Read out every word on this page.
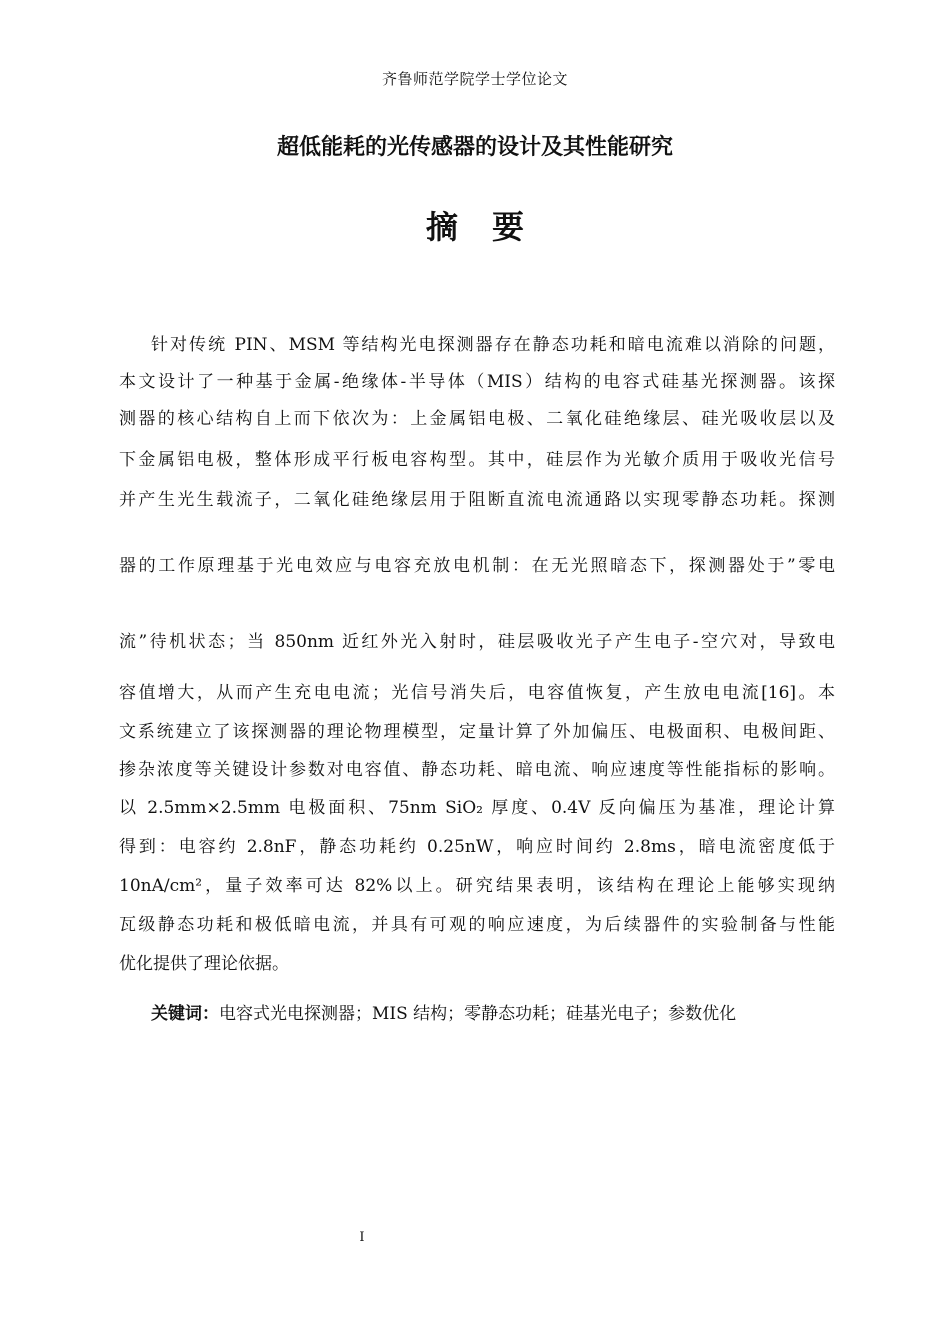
齐鲁师范学院学士学位论文
超低能耗的光传感器的设计及其性能研究
摘要
针对传统 PIN、MSM 等结构光电探测器存在静态功耗和暗电流难以消除的问题，
本文设计了一种基于金属-绝缘体-半导体（MIS）结构的电容式硅基光探测器。该探
测器的核心结构自上而下依次为：上金属铝电极、二氧化硅绝缘层、硅光吸收层以及
下金属铝电极，整体形成平行板电容构型。其中，硅层作为光敏介质用于吸收光信号
并产生光生载流子，二氧化硅绝缘层用于阻断直流电流通路以实现零静态功耗。探测
器的工作原理基于光电效应与电容充放电机制：在无光照暗态下，探测器处于”零电
流”待机状态；当 850nm 近红外光入射时，硅层吸收光子产生电子-空穴对，导致电
容值增大，从而产生充电电流；光信号消失后，电容值恢复，产生放电电流[16]。本
文系统建立了该探测器的理论物理模型，定量计算了外加偏压、电极面积、电极间距、
掺杂浓度等关键设计参数对电容值、静态功耗、暗电流、响应速度等性能指标的影响。
以 2.5mm×2.5mm 电极面积、75nm SiO₂ 厚度、0.4V 反向偏压为基准，理论计算
得到：电容约 2.8nF，静态功耗约 0.25nW，响应时间约 2.8ms，暗电流密度低于
10nA/cm²，量子效率可达 82%以上。研究结果表明，该结构在理论上能够实现纳
瓦级静态功耗和极低暗电流，并具有可观的响应速度，为后续器件的实验制备与性能
优化提供了理论依据。
关键词：电容式光电探测器；MIS 结构；零静态功耗；硅基光电子；参数优化
I
